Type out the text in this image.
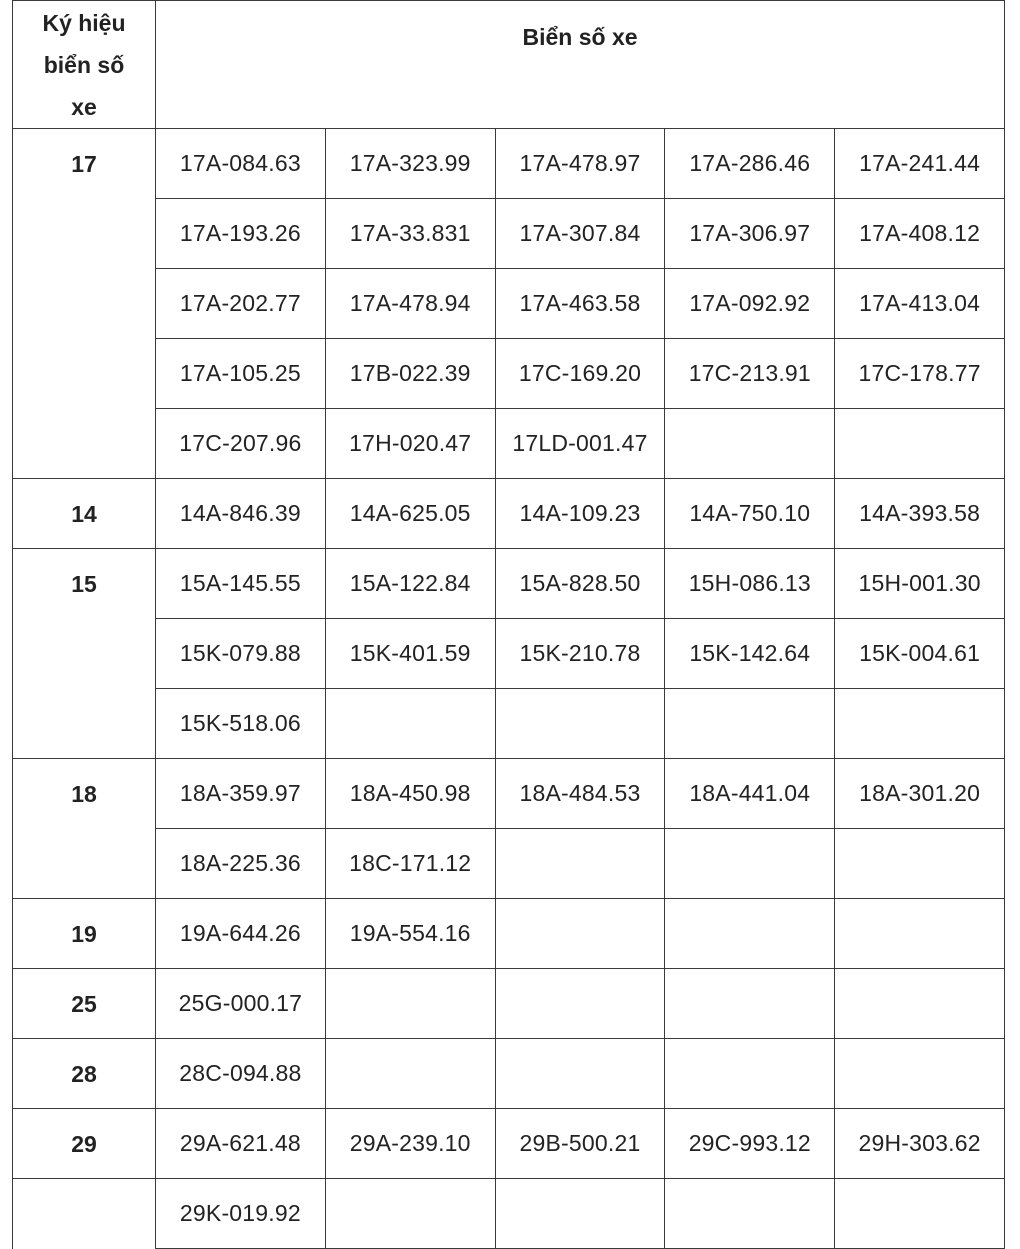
Ký hiệu biển số xe	Biển số xe				
17	17A-084.63	17A-323.99	17A-478.97	17A-286.46	17A-241.44
	17A-193.26	17A-33.831	17A-307.84	17A-306.97	17A-408.12
	17A-202.77	17A-478.94	17A-463.58	17A-092.92	17A-413.04
	17A-105.25	17B-022.39	17C-169.20	17C-213.91	17C-178.77
	17C-207.96	17H-020.47	17LD-001.47		
14	14A-846.39	14A-625.05	14A-109.23	14A-750.10	14A-393.58
15	15A-145.55	15A-122.84	15A-828.50	15H-086.13	15H-001.30
	15K-079.88	15K-401.59	15K-210.78	15K-142.64	15K-004.61
	15K-518.06				
18	18A-359.97	18A-450.98	18A-484.53	18A-441.04	18A-301.20
	18A-225.36	18C-171.12			
19	19A-644.26	19A-554.16			
25	25G-000.17				
28	28C-094.88				
29	29A-621.48	29A-239.10	29B-500.21	29C-993.12	29H-303.62
	29K-019.92				
